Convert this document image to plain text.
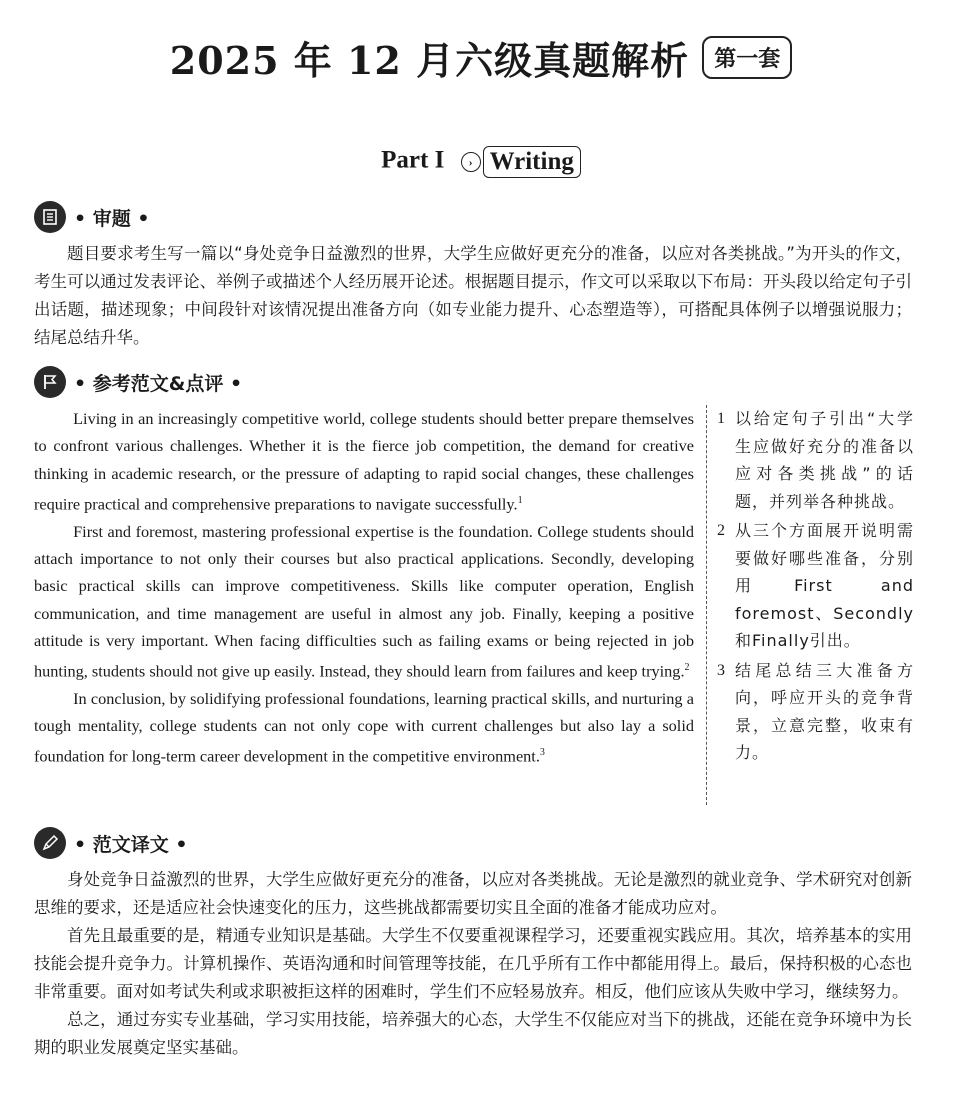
2025 年 12 月六级真题解析 第一套
Part I › Writing
• 审题 •

题目要求考生写一篇以“身处竞争日益激烈的世界，大学生应做好更充分的准备，以应对各类挑战。”为开头的作文，考生可以通过发表评论、举例子或描述个人经历展开论述。根据题目提示，作文可以采取以下布局：开头段以给定句子引出话题，描述现象；中间段针对该情况提出准备方向（如专业能力提升、心态塑造等），可搭配具体例子以增强说服力；结尾总结升华。

• 参考范文&点评 •

Living in an increasingly competitive world, college students should better prepare themselves to confront various challenges. Whether it is the fierce job competition, the demand for creative thinking in academic research, or the pressure of adapting to rapid social changes, these challenges require practical and comprehensive preparations to navigate successfully.$^1$

First and foremost, mastering professional expertise is the foundation. College students should attach importance to not only their courses but also practical applications. Secondly, developing basic practical skills can improve competitiveness. Skills like computer operation, English communication, and time management are useful in almost any job. Finally, keeping a positive attitude is very important. When facing difficulties such as failing exams or being rejected in job hunting, students should not give up easily. Instead, they should learn from failures and keep trying.$^2$

In conclusion, by solidifying professional foundations, learning practical skills, and nurturing a tough mentality, college students can not only cope with current challenges but also lay a solid foundation for long-term career development in the competitive environment.$^3$

1 以给定句子引出“大学生应做好充分的准备以应对各类挑战”的话题，并列举各种挑战。
2 从三个方面展开说明需要做好哪些准备，分别用First and foremost、Secondly和Finally引出。
3 结尾总结三大准备方向，呼应开头的竞争背景，立意完整，收束有力。
• 范文译文 •

身处竞争日益激烈的世界，大学生应做好更充分的准备，以应对各类挑战。无论是激烈的就业竞争、学术研究对创新思维的要求，还是适应社会快速变化的压力，这些挑战都需要切实且全面的准备才能成功应对。

首先且最重要的是，精通专业知识是基础。大学生不仅要重视课程学习，还要重视实践应用。其次，培养基本的实用技能会提升竞争力。计算机操作、英语沟通和时间管理等技能，在几乎所有工作中都能用得上。最后，保持积极的心态也非常重要。面对如考试失利或求职被拒这样的困难时，学生们不应轻易放弃。相反，他们应该从失败中学习，继续努力。

总之，通过夯实专业基础，学习实用技能，培养强大的心态，大学生不仅能应对当下的挑战，还能在竞争环境中为长期的职业发展奠定坚实基础。
